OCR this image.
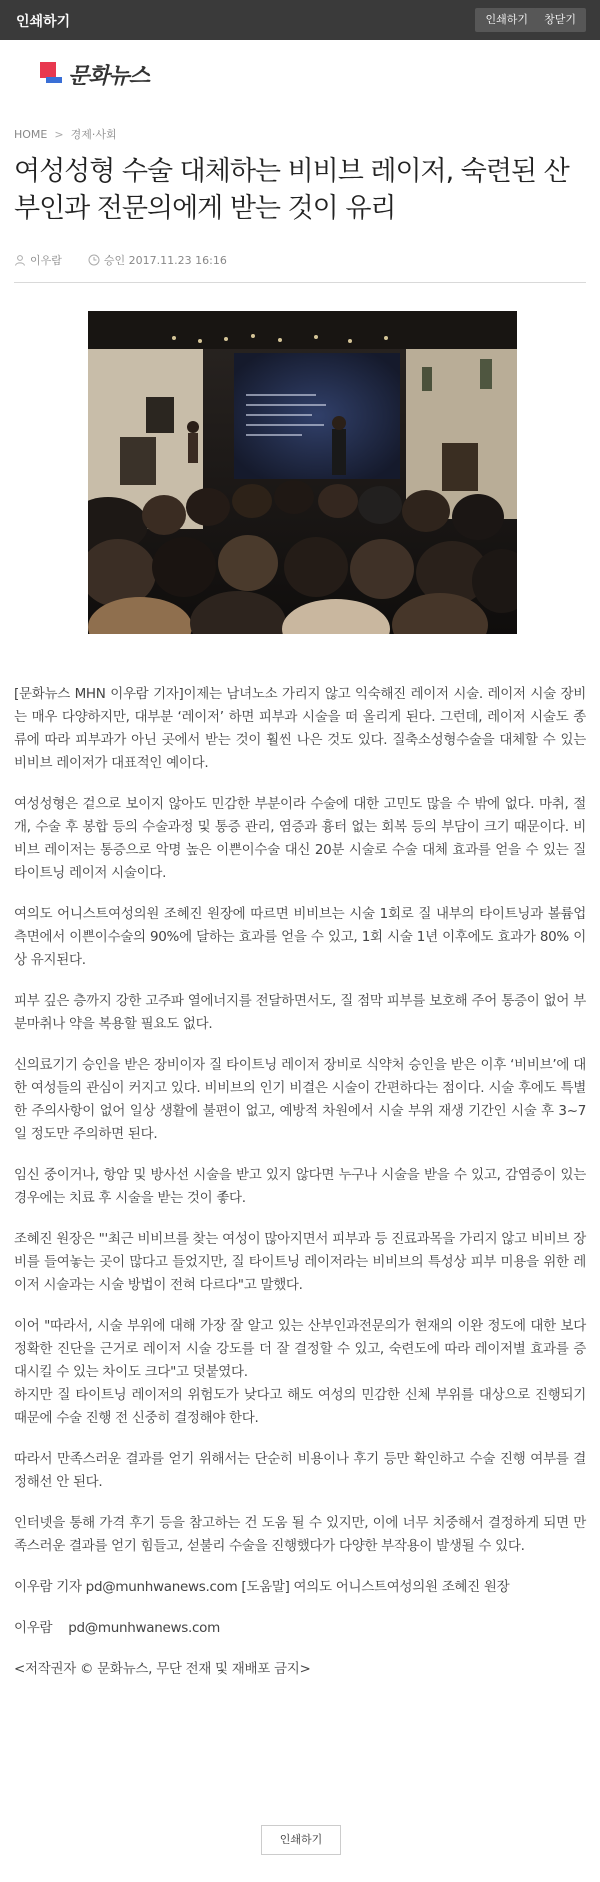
인쇄하기	인쇄하기	창닫기
문화뉴스
HOME > 경제·사회
여성성형 수술 대체하는 비비브 레이저, 숙련된 산부인과 전문의에게 받는 것이 유리
이우람	승인 2017.11.23 16:16

[문화뉴스 MHN 이우람 기자]이제는 남녀노소 가리지 않고 익숙해진 레이저 시술. 레이저 시술 장비는 매우 다양하지만, 대부분 ‘레이저’ 하면 피부과 시술을 떠 올리게 된다. 그런데, 레이저 시술도 종류에 따라 피부과가 아닌 곳에서 받는 것이 훨씬 나은 것도 있다. 질축소성형수술을 대체할 수 있는 비비브 레이저가 대표적인 예이다.

여성성형은 겉으로 보이지 않아도 민감한 부분이라 수술에 대한 고민도 많을 수 밖에 없다. 마취, 절개, 수술 후 봉합 등의 수술과정 및 통증 관리, 염증과 흉터 없는 회복 등의 부담이 크기 때문이다. 비비브 레이저는 통증으로 악명 높은 이쁜이수술 대신 20분 시술로 수술 대체 효과를 얻을 수 있는 질 타이트닝 레이저 시술이다.

여의도 어니스트여성의원 조혜진 원장에 따르면 비비브는 시술 1회로 질 내부의 타이트닝과 볼륨업 측면에서 이쁜이수술의 90%에 달하는 효과를 얻을 수 있고, 1회 시술 1년 이후에도 효과가 80% 이상 유지된다.

피부 깊은 층까지 강한 고주파 열에너지를 전달하면서도, 질 점막 피부를 보호해 주어 통증이 없어 부분마취나 약을 복용할 필요도 없다.

신의료기기 승인을 받은 장비이자 질 타이트닝 레이저 장비로 식약처 승인을 받은 이후 ‘비비브’에 대한 여성들의 관심이 커지고 있다. 비비브의 인기 비결은 시술이 간편하다는 점이다. 시술 후에도 특별한 주의사항이 없어 일상 생활에 불편이 없고, 예방적 차원에서 시술 부위 재생 기간인 시술 후 3~7일 정도만 주의하면 된다.

임신 중이거나, 항암 및 방사선 시술을 받고 있지 않다면 누구나 시술을 받을 수 있고, 감염증이 있는 경우에는 치료 후 시술을 받는 것이 좋다.

조혜진 원장은 "'최근 비비브를 찾는 여성이 많아지면서 피부과 등 진료과목을 가리지 않고 비비브 장비를 들여놓는 곳이 많다고 들었지만, 질 타이트닝 레이저라는 비비브의 특성상 피부 미용을 위한 레이저 시술과는 시술 방법이 전혀 다르다"고 말했다.

이어 "따라서, 시술 부위에 대해 가장 잘 알고 있는 산부인과전문의가 현재의 이완 정도에 대한 보다 정확한 진단을 근거로 레이저 시술 강도를 더 잘 결정할 수 있고, 숙련도에 따라 레이저별 효과를 증대시킬 수 있는 차이도 크다"고 덧붙였다.

하지만 질 타이트닝 레이저의 위험도가 낮다고 해도 여성의 민감한 신체 부위를 대상으로 진행되기 때문에 수술 진행 전 신중히 결정해야 한다.

따라서 만족스러운 결과를 얻기 위해서는 단순히 비용이나 후기 등만 확인하고 수술 진행 여부를 결정해선 안 된다.

인터넷을 통해 가격 후기 등을 참고하는 건 도움 될 수 있지만, 이에 너무 치중해서 결정하게 되면 만족스러운 결과를 얻기 힘들고, 섣불리 수술을 진행했다가 다양한 부작용이 발생될 수 있다.

이우람 기자 pd@munhwanews.com [도움말] 여의도 어니스트여성의원 조혜진 원장

이우람    pd@munhwanews.com

<저작권자 © 문화뉴스, 무단 전재 및 재배포 금지>

인쇄하기
